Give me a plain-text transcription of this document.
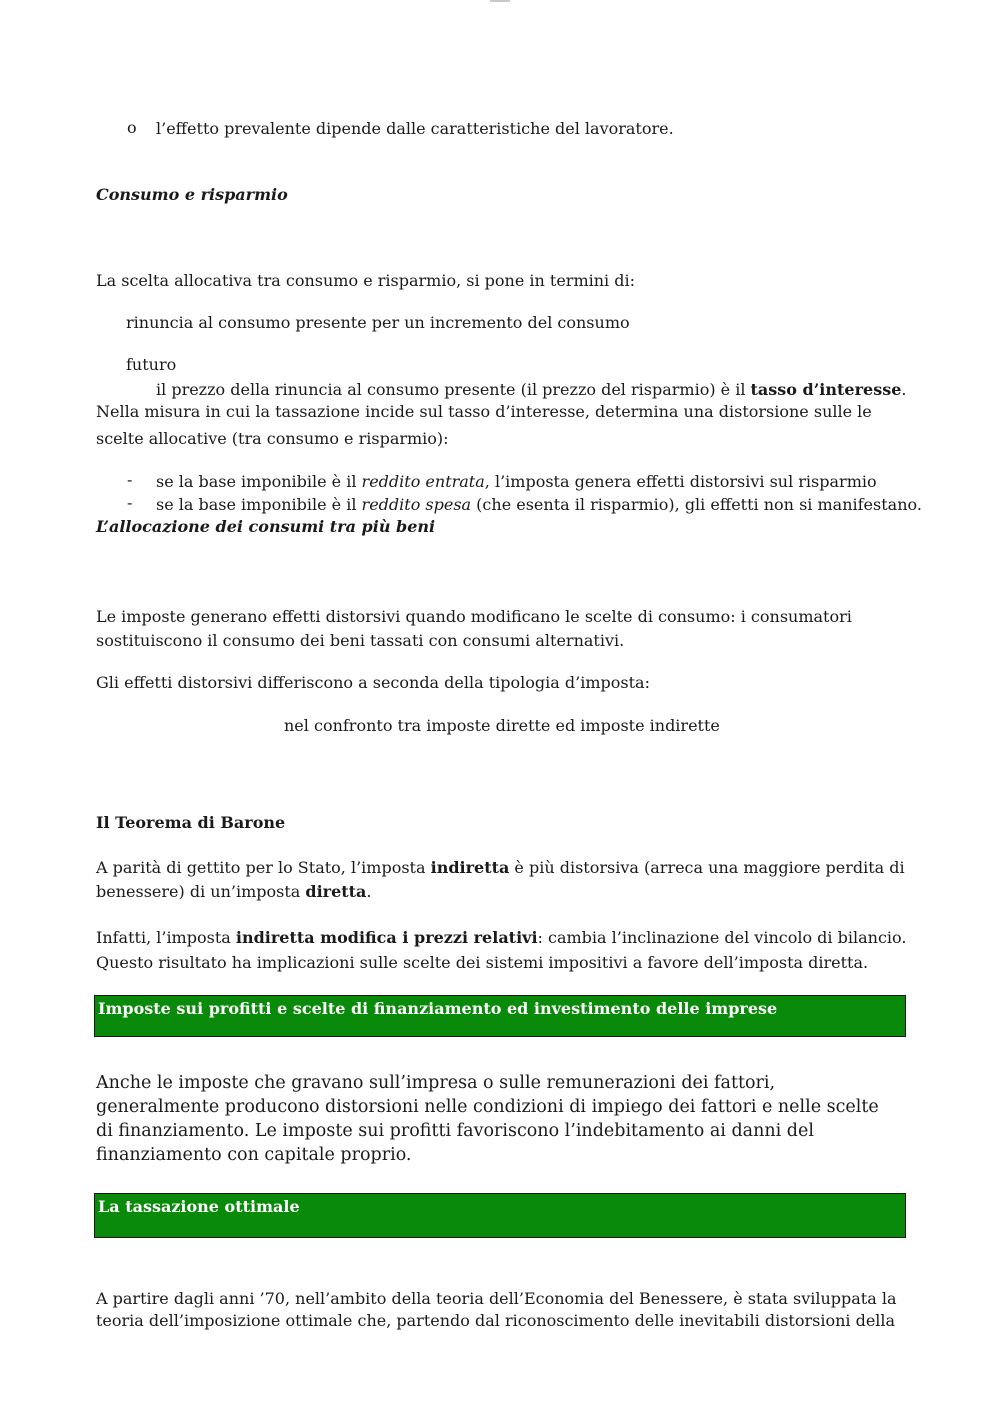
o l’effetto prevalente dipende dalle caratteristiche del lavoratore.

Consumo e risparmio

La scelta allocativa tra consumo e risparmio, si pone in termini di:

rinuncia al consumo presente per un incremento del consumo

futuro

il prezzo della rinuncia al consumo presente (il prezzo del risparmio) è il tasso d’interesse.

Nella misura in cui la tassazione incide sul tasso d’interesse, determina una distorsione sulle le

scelte allocative (tra consumo e risparmio):

- se la base imponibile è il reddito entrata, l’imposta genera effetti distorsivi sul risparmio

- se la base imponibile è il reddito spesa (che esenta il risparmio), gli effetti non si manifestano.

L’allocazione dei consumi tra più beni

Le imposte generano effetti distorsivi quando modificano le scelte di consumo: i consumatori
sostituiscono il consumo dei beni tassati con consumi alternativi.

Gli effetti distorsivi differiscono a seconda della tipologia d’imposta:

nel confronto tra imposte dirette ed imposte indirette

Il Teorema di Barone

A parità di gettito per lo Stato, l’imposta indiretta è più distorsiva (arreca una maggiore perdita di

benessere) di un’imposta diretta.

Infatti, l’imposta indiretta modifica i prezzi relativi: cambia l’inclinazione del vincolo di bilancio.

Questo risultato ha implicazioni sulle scelte dei sistemi impositivi a favore dell’imposta diretta.

Imposte sui profitti e scelte di finanziamento ed investimento delle imprese
Anche le imposte che gravano sull’impresa o sulle remunerazioni dei fattori,
generalmente producono distorsioni nelle condizioni di impiego dei fattori e nelle scelte
di finanziamento. Le imposte sui profitti favoriscono l’indebitamento ai danni del
finanziamento con capitale proprio.
La tassazione ottimale
A partire dagli anni ’70, nell’ambito della teoria dell’Economia del Benessere, è stata sviluppata la
teoria dell’imposizione ottimale che, partendo dal riconoscimento delle inevitabili distorsioni della
